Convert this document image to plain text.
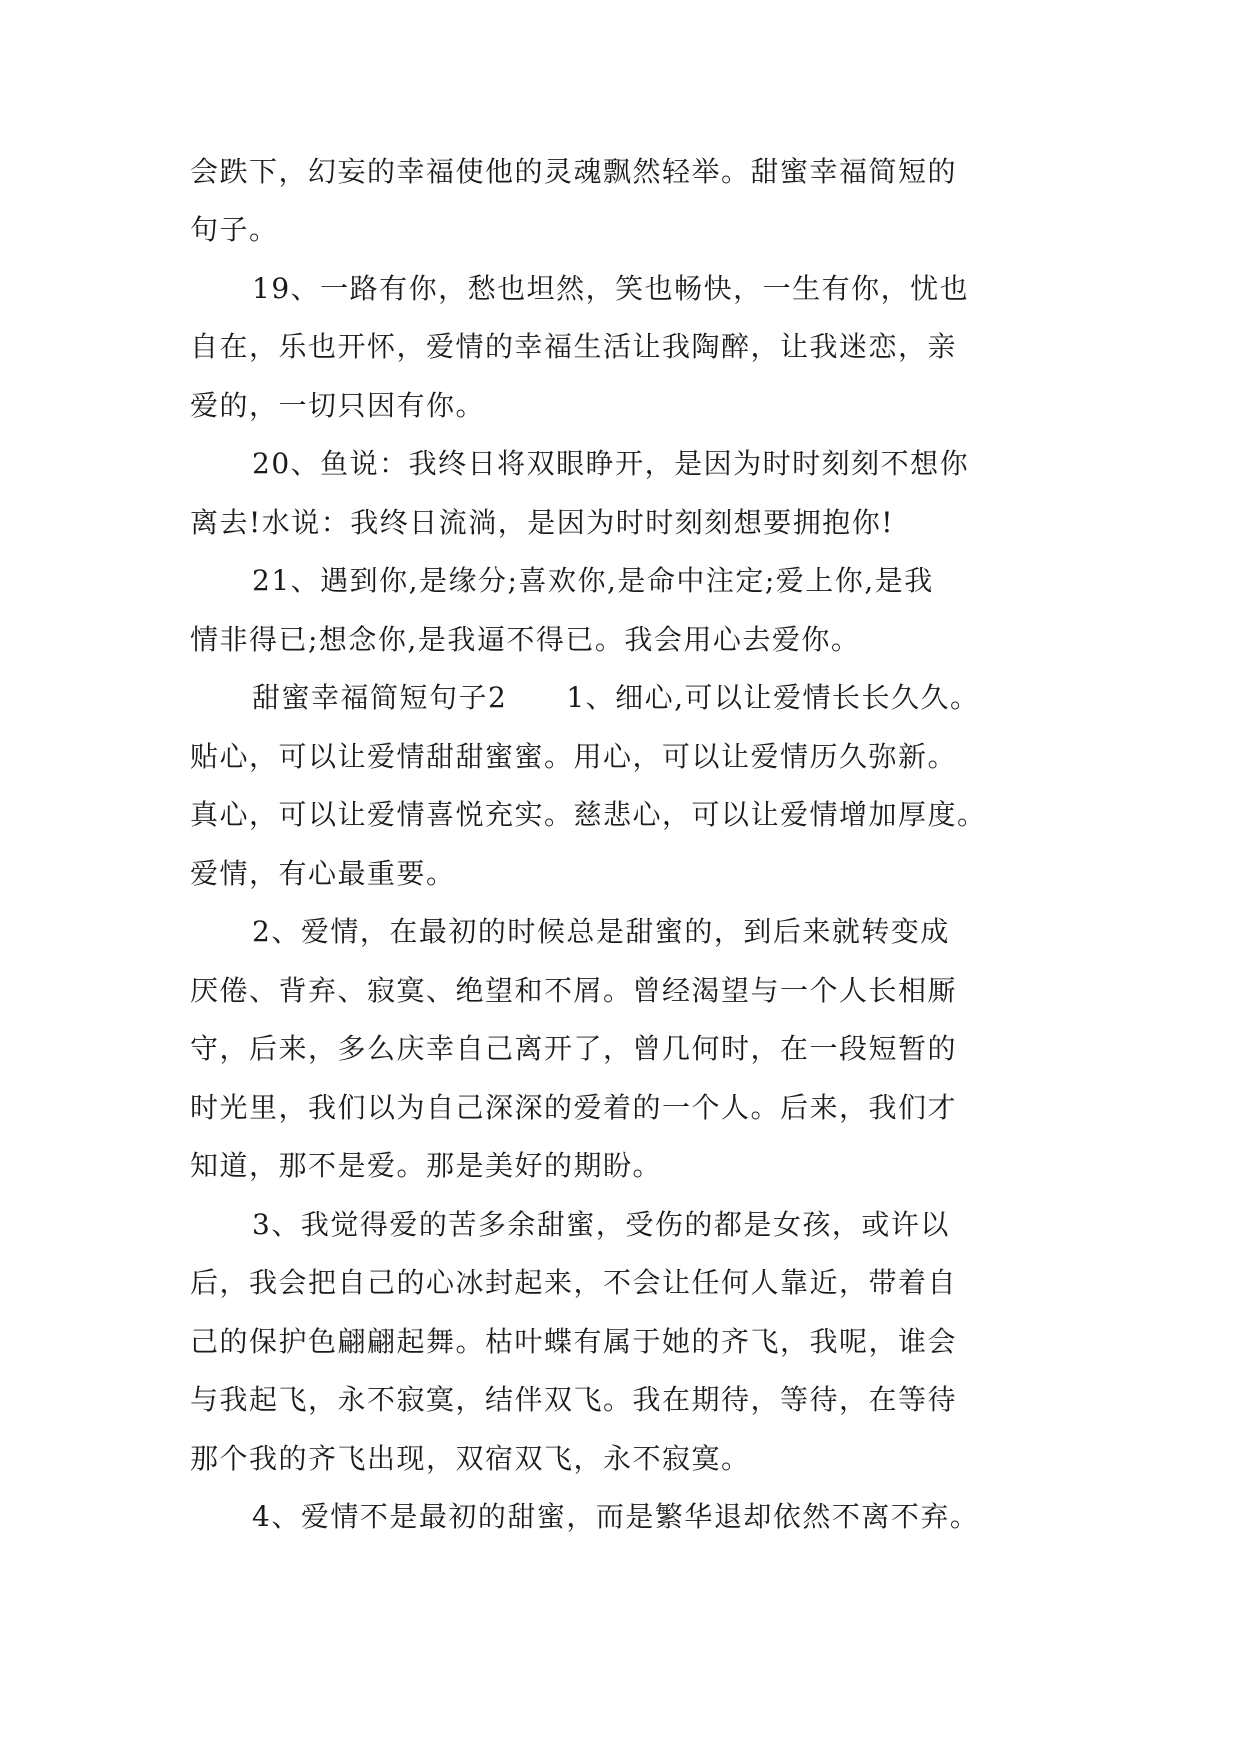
会跌下，幻妄的幸福使他的灵魂飘然轻举。甜蜜幸福简短的
句子。
19、一路有你，愁也坦然，笑也畅快，一生有你，忧也
自在，乐也开怀，爱情的幸福生活让我陶醉，让我迷恋，亲
爱的，一切只因有你。
20、鱼说：我终日将双眼睁开，是因为时时刻刻不想你
离去!水说：我终日流淌，是因为时时刻刻想要拥抱你!
21、遇到你,是缘分;喜欢你,是命中注定;爱上你,是我
情非得已;想念你,是我逼不得已。我会用心去爱你。
甜蜜幸福简短句子2　　1、细心,可以让爱情长长久久。
贴心，可以让爱情甜甜蜜蜜。用心，可以让爱情历久弥新。
真心，可以让爱情喜悦充实。慈悲心，可以让爱情增加厚度。
爱情，有心最重要。
2、爱情，在最初的时候总是甜蜜的，到后来就转变成
厌倦、背弃、寂寞、绝望和不屑。曾经渴望与一个人长相厮
守，后来，多么庆幸自己离开了，曾几何时，在一段短暂的
时光里，我们以为自己深深的爱着的一个人。后来，我们才
知道，那不是爱。那是美好的期盼。
3、我觉得爱的苦多余甜蜜，受伤的都是女孩，或许以
后，我会把自己的心冰封起来，不会让任何人靠近，带着自
己的保护色翩翩起舞。枯叶蝶有属于她的齐飞，我呢，谁会
与我起飞，永不寂寞，结伴双飞。我在期待，等待，在等待
那个我的齐飞出现，双宿双飞，永不寂寞。
4、爱情不是最初的甜蜜，而是繁华退却依然不离不弃。
